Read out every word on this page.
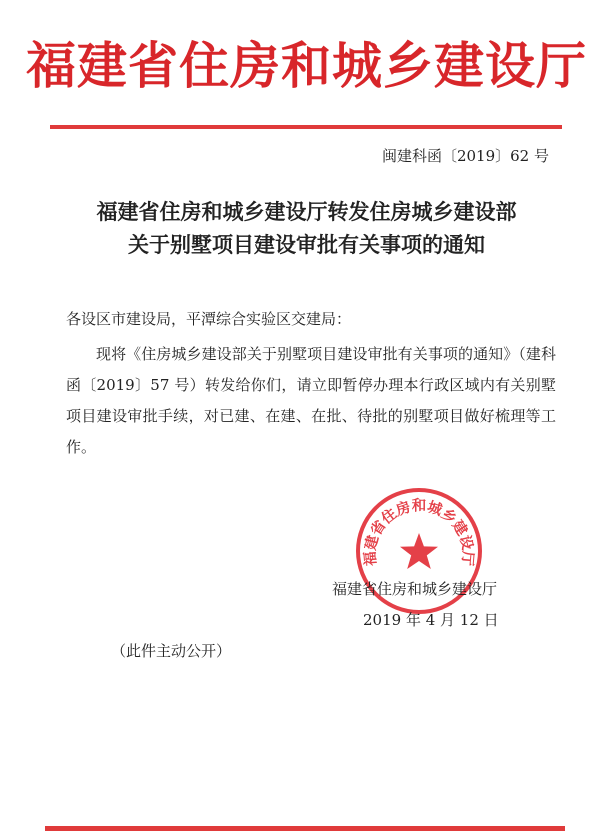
福建省住房和城乡建设厅
闽建科函〔2019〕62 号
福建省住房和城乡建设厅转发住房城乡建设部
关于别墅项目建设审批有关事项的通知
各设区市建设局，平潭综合实验区交建局：
现将《住房城乡建设部关于别墅项目建设审批有关事项的通知》（建科函〔2019〕57 号）转发给你们，请立即暂停办理本行政区域内有关别墅项目建设审批手续，对已建、在建、在批、待批的别墅项目做好梳理等工作。
福建省住房和城乡建设厅
福建省住房和城乡建设厅
2019 年 4 月 12 日
（此件主动公开）
